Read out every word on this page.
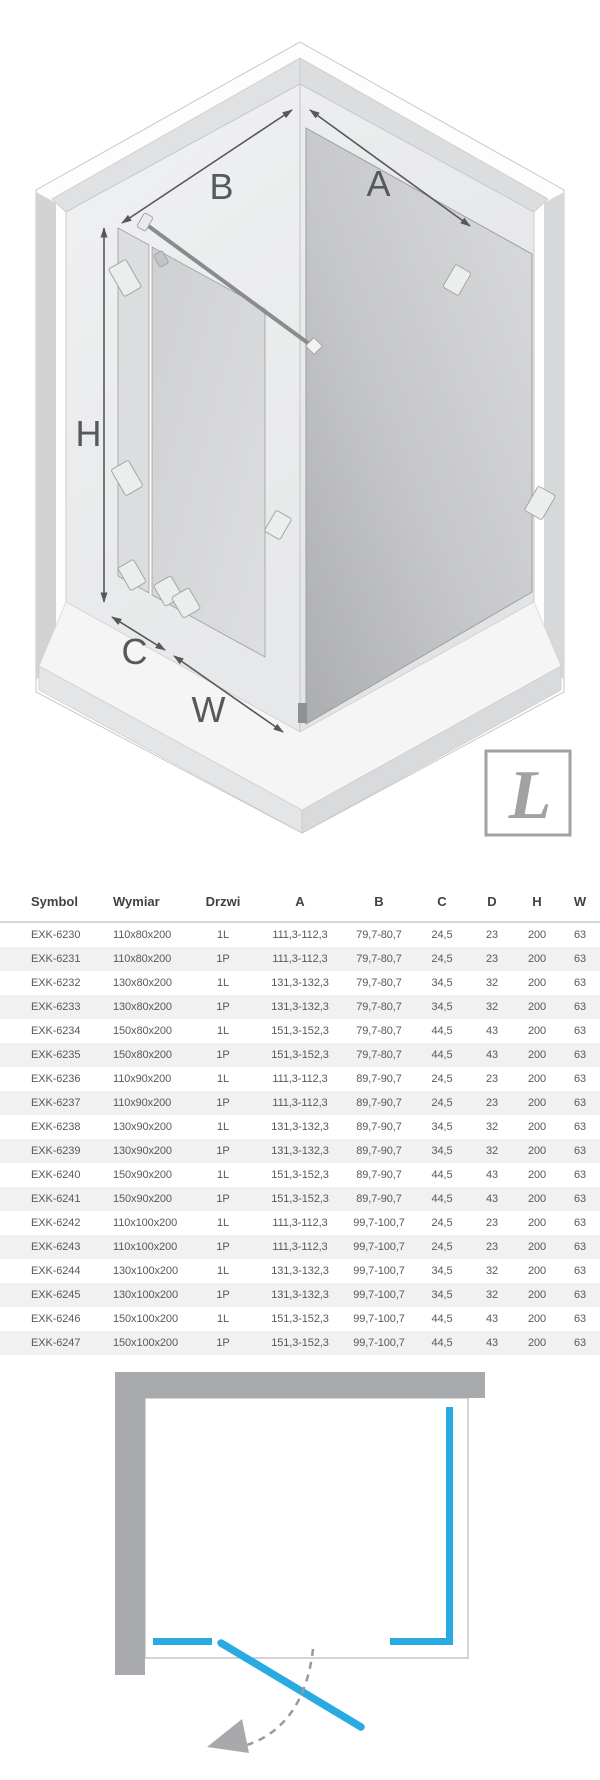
B	A
H
C
W
L
Symbol	Wymiar	Drzwi	A	B	C	D	H	W
EXK-6230	110x80x200	1L	111,3-112,3	79,7-80,7	24,5	23	200	63
EXK-6231	110x80x200	1P	111,3-112,3	79,7-80,7	24,5	23	200	63
EXK-6232	130x80x200	1L	131,3-132,3	79,7-80,7	34,5	32	200	63
EXK-6233	130x80x200	1P	131,3-132,3	79,7-80,7	34,5	32	200	63
EXK-6234	150x80x200	1L	151,3-152,3	79,7-80,7	44,5	43	200	63
EXK-6235	150x80x200	1P	151,3-152,3	79,7-80,7	44,5	43	200	63
EXK-6236	110x90x200	1L	111,3-112,3	89,7-90,7	24,5	23	200	63
EXK-6237	110x90x200	1P	111,3-112,3	89,7-90,7	24,5	23	200	63
EXK-6238	130x90x200	1L	131,3-132,3	89,7-90,7	34,5	32	200	63
EXK-6239	130x90x200	1P	131,3-132,3	89,7-90,7	34,5	32	200	63
EXK-6240	150x90x200	1L	151,3-152,3	89,7-90,7	44,5	43	200	63
EXK-6241	150x90x200	1P	151,3-152,3	89,7-90,7	44,5	43	200	63
EXK-6242	110x100x200	1L	111,3-112,3	99,7-100,7	24,5	23	200	63
EXK-6243	110x100x200	1P	111,3-112,3	99,7-100,7	24,5	23	200	63
EXK-6244	130x100x200	1L	131,3-132,3	99,7-100,7	34,5	32	200	63
EXK-6245	130x100x200	1P	131,3-132,3	99,7-100,7	34,5	32	200	63
EXK-6246	150x100x200	1L	151,3-152,3	99,7-100,7	44,5	43	200	63
EXK-6247	150x100x200	1P	151,3-152,3	99,7-100,7	44,5	43	200	63
